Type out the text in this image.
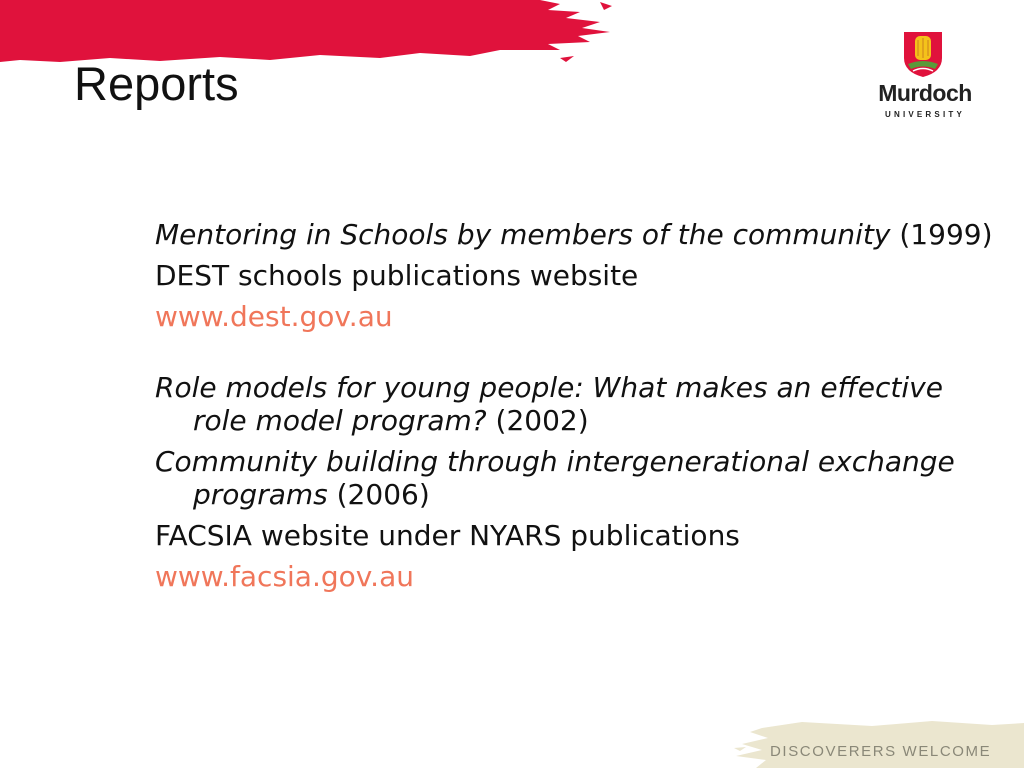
Reports	Murdoch
UNIVERSITY

Mentoring in Schools by members of the community (1999)

DEST schools publications website

www.dest.gov.au

Role models for young people: What makes an effective role model program? (2002)

Community building through intergenerational exchange programs (2006)

FACSIA website under NYARS publications

www.facsia.gov.au

DISCOVERERS WELCOME
